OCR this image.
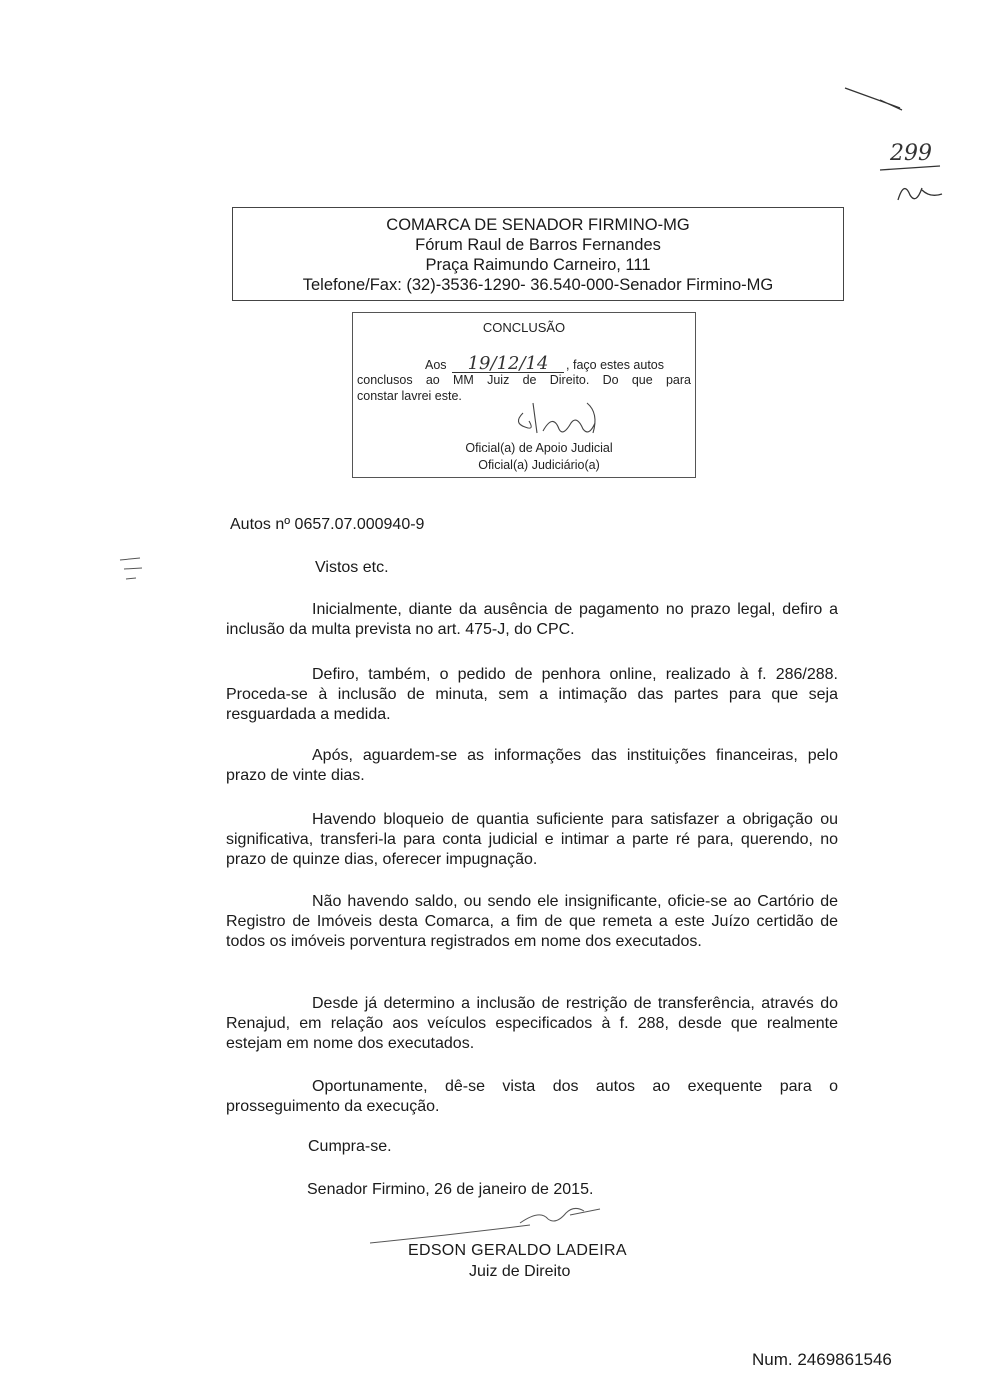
299
COMARCA DE SENADOR FIRMINO-MG
Fórum Raul de Barros Fernandes
Praça Raimundo Carneiro, 111
Telefone/Fax: (32)-3536-1290- 36.540-000-Senador Firmino-MG
CONCLUSÃO
Aos 19/12/14 , faço estes autos
conclusos ao MM Juiz de Direito. Do que para
constar lavrei este.
Oficial(a) de Apoio Judicial
Oficial(a) Judiciário(a)
Autos nº 0657.07.000940-9
Vistos etc.
Inicialmente, diante da ausência de pagamento no prazo legal, defiro a inclusão da multa prevista no art. 475-J, do CPC.
Defiro, também, o pedido de penhora online, realizado à f. 286/288. Proceda-se à inclusão de minuta, sem a intimação das partes para que seja resguardada a medida.
Após, aguardem-se as informações das instituições financeiras, pelo prazo de vinte dias.
Havendo bloqueio de quantia suficiente para satisfazer a obrigação ou significativa, transferi-la para conta judicial e intimar a parte ré para, querendo, no prazo de quinze dias, oferecer impugnação.
Não havendo saldo, ou sendo ele insignificante, oficie-se ao Cartório de Registro de Imóveis desta Comarca, a fim de que remeta a este Juízo certidão de todos os imóveis porventura registrados em nome dos executados.
Desde já determino a inclusão de restrição de transferência, através do Renajud, em relação aos veículos especificados à f. 288, desde que realmente estejam em nome dos executados.
Oportunamente, dê-se vista dos autos ao exequente para o prosseguimento da execução.
Cumpra-se.
Senador Firmino, 26 de janeiro de 2015.
EDSON GERALDO LADEIRA
Juiz de Direito
Num. 2469861546
